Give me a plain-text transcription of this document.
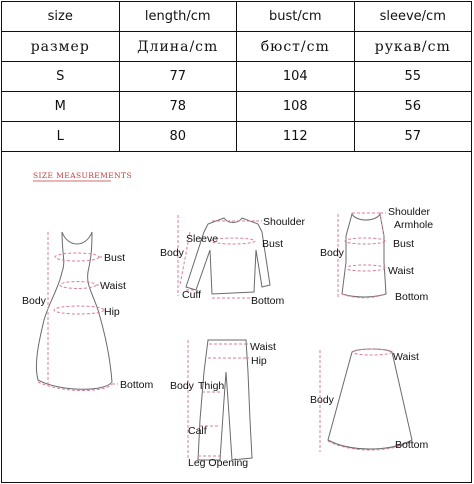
size	length/cm	bust/cm	sleeve/cm
размер	Длина/cm	бюст/cm	рукав/cm
S	77	104	55
M	78	108	56
L	80	112	57
SIZE MEASUREMENTS
Bust
Waist
Hip
Body
Bottom
Shoulder
Sleeve
Body
Bust
Cuff	Bottom
Shoulder
Armhole
Body
Bust
Waist
Bottom
Waist
Hip
Body Thigh
Calf
Leg Opening
Waist
Body
Bottom
